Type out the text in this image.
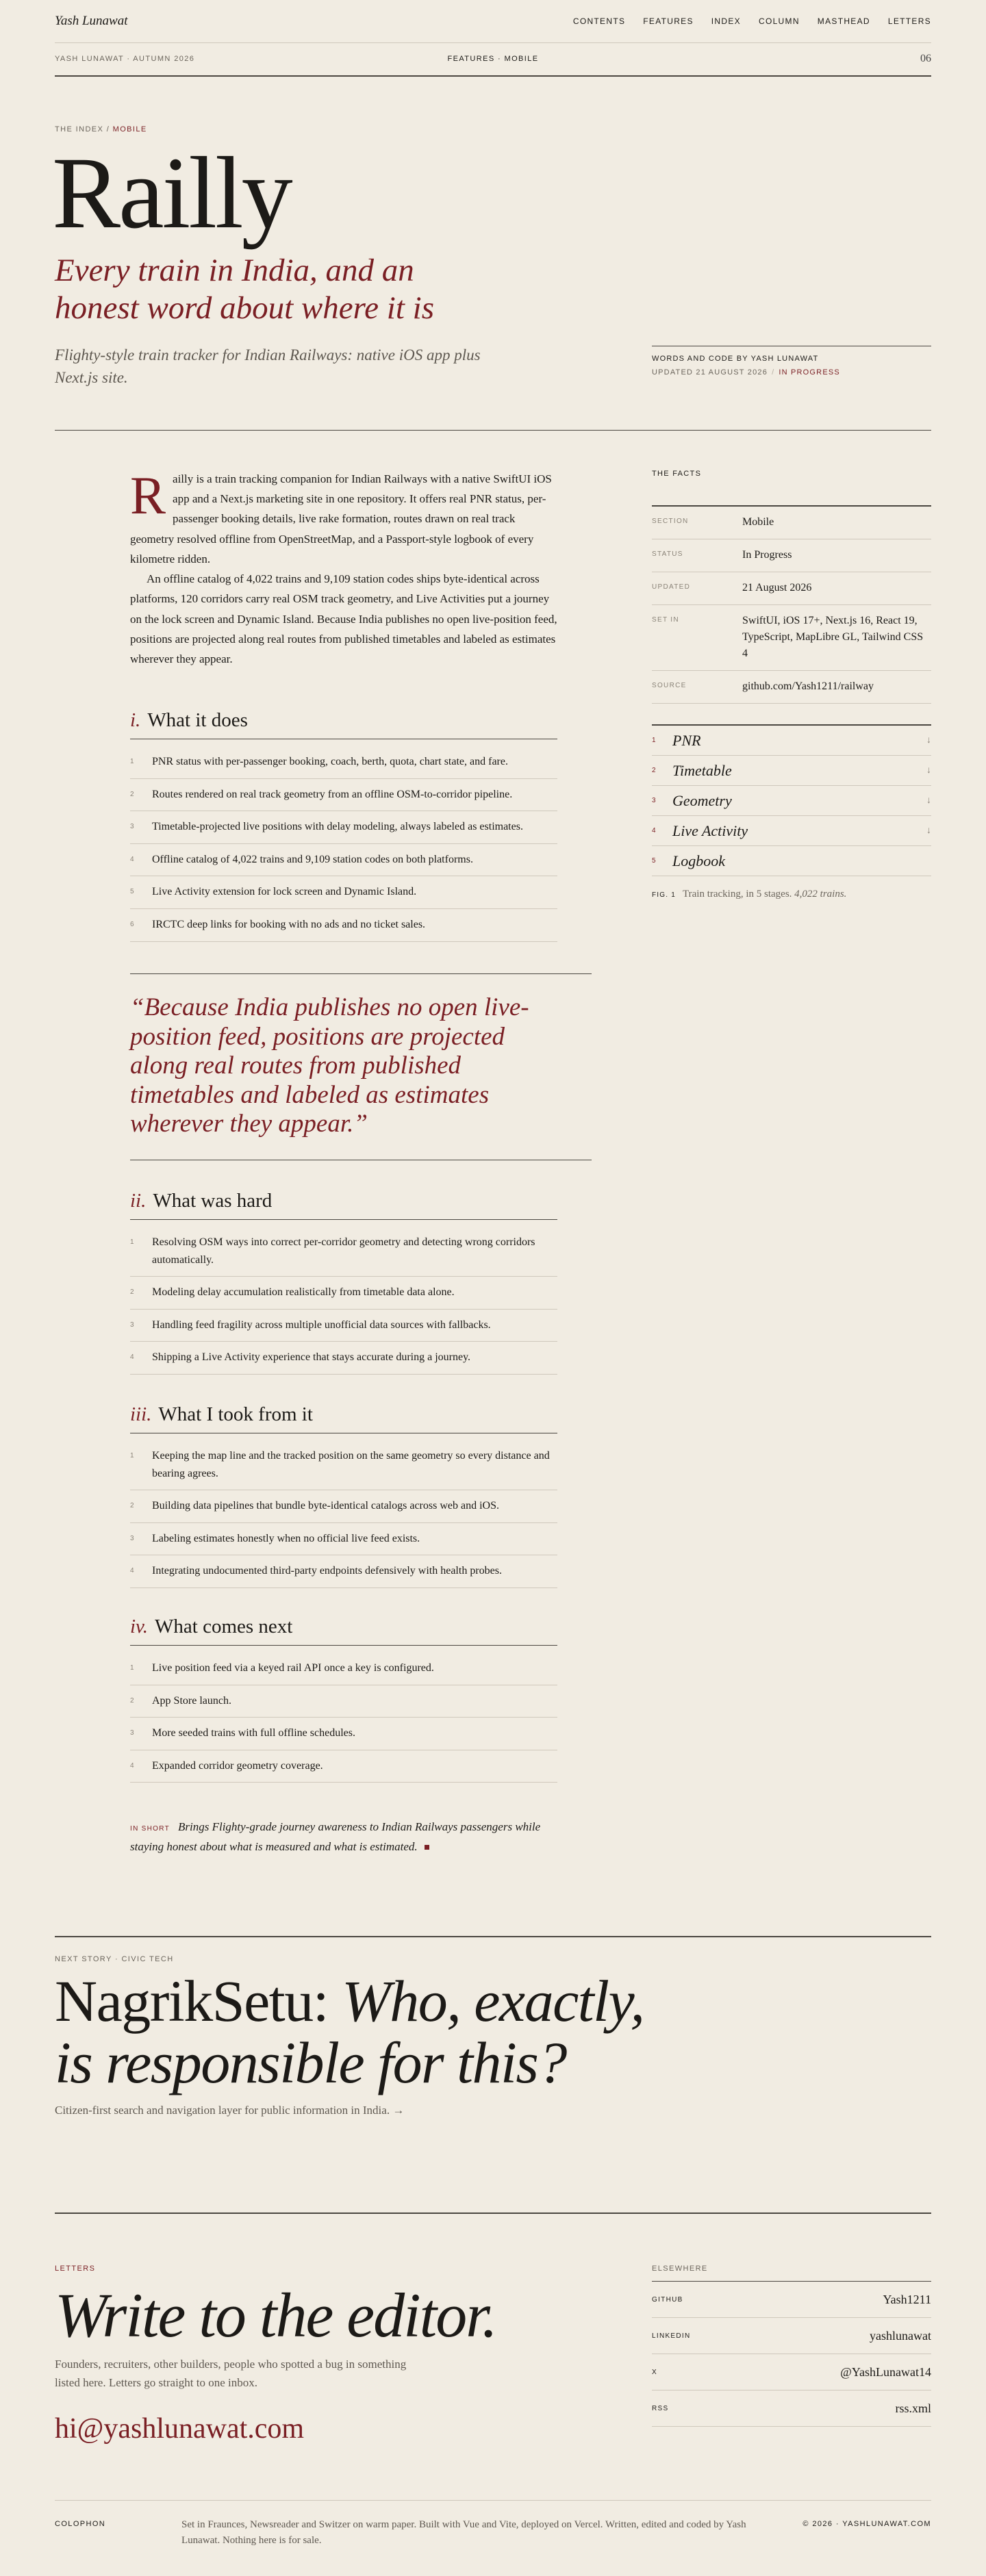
Yash Lunawat	CONTENTS FEATURES INDEX COLUMN MASTHEAD LETTERS
YASH LUNAWAT · AUTUMN 2026	FEATURES · MOBILE	06
THE INDEX / MOBILE
Railly

Every train in India, and an honest word about where it is

Flighty-style train tracker for Indian Railways: native iOS app plus Next.js site.
WORDS AND CODE BY YASH LUNAWAT
UPDATED 21 AUGUST 2026 / IN PROGRESS

Railly is a train tracking companion for Indian Railways with a native SwiftUI iOS app and a Next.js marketing site in one repository. It offers real PNR status, per-passenger booking details, live rake formation, routes drawn on real track geometry resolved offline from OpenStreetMap, and a Passport-style logbook of every kilometre ridden.

An offline catalog of 4,022 trains and 9,109 station codes ships byte-identical across platforms, 120 corridors carry real OSM track geometry, and Live Activities put a journey on the lock screen and Dynamic Island. Because India publishes no open live-position feed, positions are projected along real routes from published timetables and labeled as estimates wherever they appear.

i. What it does
1	PNR status with per-passenger booking, coach, berth, quota, chart state, and fare.
2	Routes rendered on real track geometry from an offline OSM-to-corridor pipeline.
3	Timetable-projected live positions with delay modeling, always labeled as estimates.
4	Offline catalog of 4,022 trains and 9,109 station codes on both platforms.
5	Live Activity extension for lock screen and Dynamic Island.
6	IRCTC deep links for booking with no ads and no ticket sales.

“Because India publishes no open live-position feed, positions are projected along real routes from published timetables and labeled as estimates wherever they appear.”

ii. What was hard
1	Resolving OSM ways into correct per-corridor geometry and detecting wrong corridors automatically.
2	Modeling delay accumulation realistically from timetable data alone.
3	Handling feed fragility across multiple unofficial data sources with fallbacks.
4	Shipping a Live Activity experience that stays accurate during a journey.
iii. What I took from it
1	Keeping the map line and the tracked position on the same geometry so every distance and bearing agrees.
2	Building data pipelines that bundle byte-identical catalogs across web and iOS.
3	Labeling estimates honestly when no official live feed exists.
4	Integrating undocumented third-party endpoints defensively with health probes.
iv. What comes next
1	Live position feed via a keyed rail API once a key is configured.
2	App Store launch.
3	More seeded trains with full offline schedules.
4	Expanded corridor geometry coverage.
IN SHORT Brings Flighty-grade journey awareness to Indian Railways passengers while staying honest about what is measured and what is estimated.
THE FACTS
SECTION	Mobile
STATUS	In Progress
UPDATED	21 August 2026
SET IN	SwiftUI, iOS 17+, Next.js 16, React 19, TypeScript, MapLibre GL, Tailwind CSS 4
SOURCE	github.com/Yash1211/railway
1	PNR	↓
2	Timetable	↓
3	Geometry	↓
4	Live Activity	↓
5	Logbook
FIG. 1 Train tracking, in 5 stages. 4,022 trains.
NEXT STORY · CIVIC TECH
NagrikSetu: Who, exactly, is responsible for this?
Citizen-first search and navigation layer for public information in India. →
LETTERS
Write to the editor.
Founders, recruiters, other builders, people who spotted a bug in something listed here. Letters go straight to one inbox.
hi@yashlunawat.com
ELSEWHERE
GITHUB	Yash1211
LINKEDIN	yashlunawat
X	@YashLunawat14
RSS	rss.xml
COLOPHON	Set in Fraunces, Newsreader and Switzer on warm paper. Built with Vue and Vite, deployed on Vercel. Written, edited and coded by Yash Lunawat. Nothing here is for sale.
© 2026 · YASHLUNAWAT.COM
